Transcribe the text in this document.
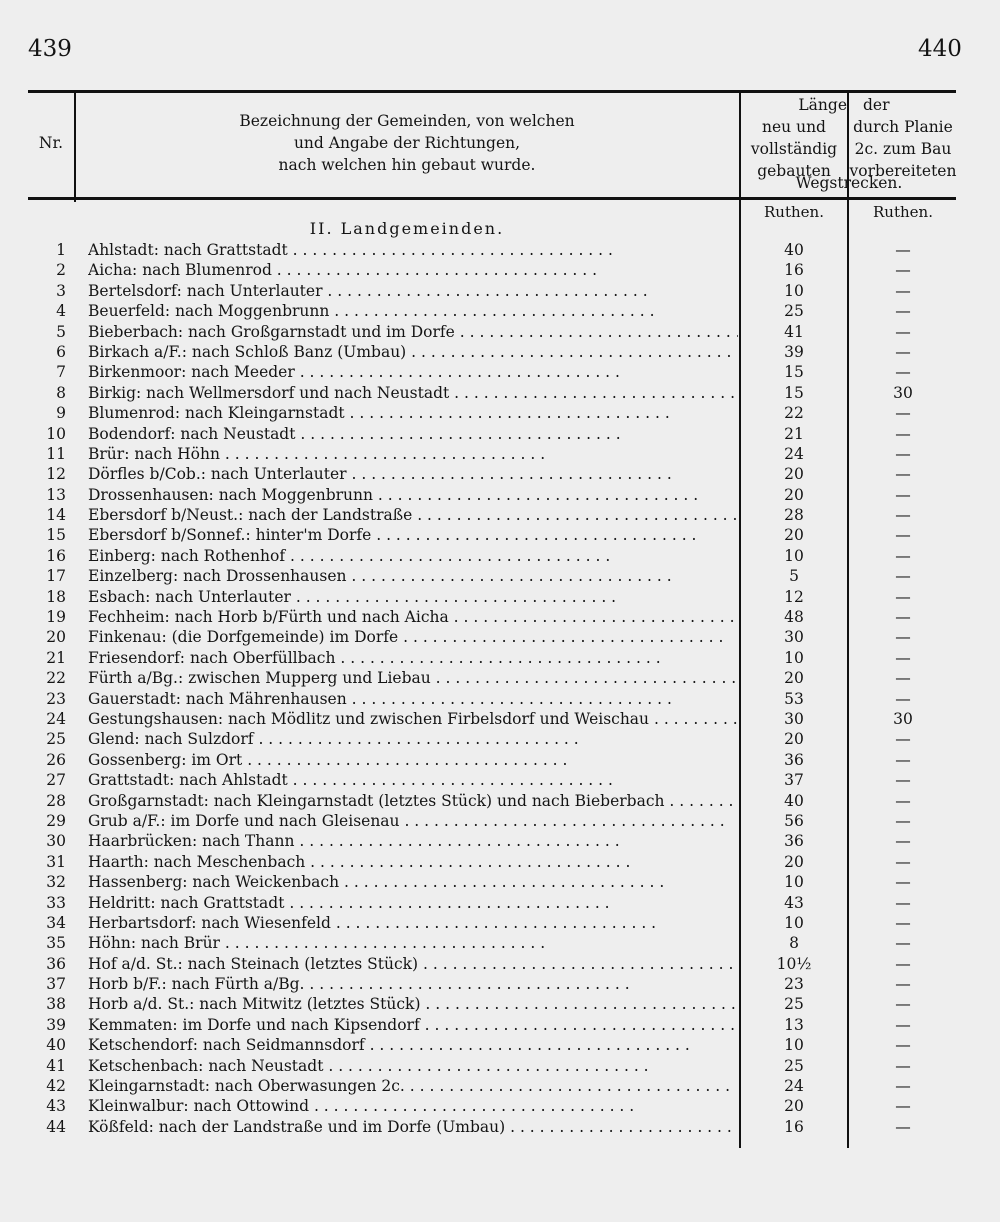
439	440
Nr.
Bezeichnung der Gemeinden, von welchen
und Angabe der Richtungen,
nach welchen hin gebaut wurde.
Länge
neu und
vollständig
gebauten
der
durch Planie
2c. zum Bau
vorbereiteten
Wegstrecken.
Ruthen.	Ruthen.
II. Landgemeinden.
1 Ahlstadt: nach Grattstadt . .	40	—
2 Aicha: nach Blumenrod . .	16	—
3 Bertelsdorf: nach Unterlauter . .	10	—
4 Beuerfeld: nach Moggenbrunn . .	25	—
5 Bieberbach: nach Großgarnstadt und im Dorfe . .	41	—
6 Birkach a/F.: nach Schloß Banz (Umbau) . .	39	—
7 Birkenmoor: nach Meeder . .	15	—
8 Birkig: nach Wellmersdorf und nach Neustadt . .	15	30
9 Blumenrod: nach Kleingarnstadt . .	22	—
10 Bodendorf: nach Neustadt . .	21	—
11 Brür: nach Höhn . .	24	—
12 Dörfles b/Cob.: nach Unterlauter . .	20	—
13 Drossenhausen: nach Moggenbrunn . .	20	—
14 Ebersdorf b/Neust.: nach der Landstraße . .	28	—
15 Ebersdorf b/Sonnef.: hinter'm Dorfe . .	20	—
16 Einberg: nach Rothenhof . .	10	—
17 Einzelberg: nach Drossenhausen . .	5	—
18 Esbach: nach Unterlauter . .	12	—
19 Fechheim: nach Horb b/Fürth und nach Aicha . .	48	—
20 Finkenau: (die Dorfgemeinde) im Dorfe . .	30	—
21 Friesendorf: nach Oberfüllbach . .	10	—
22 Fürth a/Bg.: zwischen Mupperg und Liebau . .	20	—
23 Gauerstadt: nach Mährenhausen . .	53	—
24 Gestungshausen: nach Mödlitz und zwischen Firbelsdorf und Weischau . .	30	30
25 Glend: nach Sulzdorf . .	20	—
26 Gossenberg: im Ort . .	36	—
27 Grattstadt: nach Ahlstadt . .	37	—
28 Großgarnstadt: nach Kleingarnstadt (letztes Stück) und nach Bieberbach . .	40	—
29 Grub a/F.: im Dorfe und nach Gleisenau . .	56	—
30 Haarbrücken: nach Thann . .	36	—
31 Haarth: nach Meschenbach . .	20	—
32 Hassenberg: nach Weickenbach . .	10	—
33 Heldritt: nach Grattstadt . .	43	—
34 Herbartsdorf: nach Wiesenfeld . .	10	—
35 Höhn: nach Brür . .	8	—
36 Hof a/d. St.: nach Steinach (letztes Stück) . .	10½	—
37 Horb b/F.: nach Fürth a/Bg. . .	23	—
38 Horb a/d. St.: nach Mitwitz (letztes Stück) . .	25	—
39 Kemmaten: im Dorfe und nach Kipsendorf . .	13	—
40 Ketschendorf: nach Seidmannsdorf . .	10	—
41 Ketschenbach: nach Neustadt . .	25	—
42 Kleingarnstadt: nach Oberwasungen 2c. . .	24	—
43 Kleinwalbur: nach Ottowind . .	20	—
44 Kößfeld: nach der Landstraße und im Dorfe (Umbau) . .	16	—
